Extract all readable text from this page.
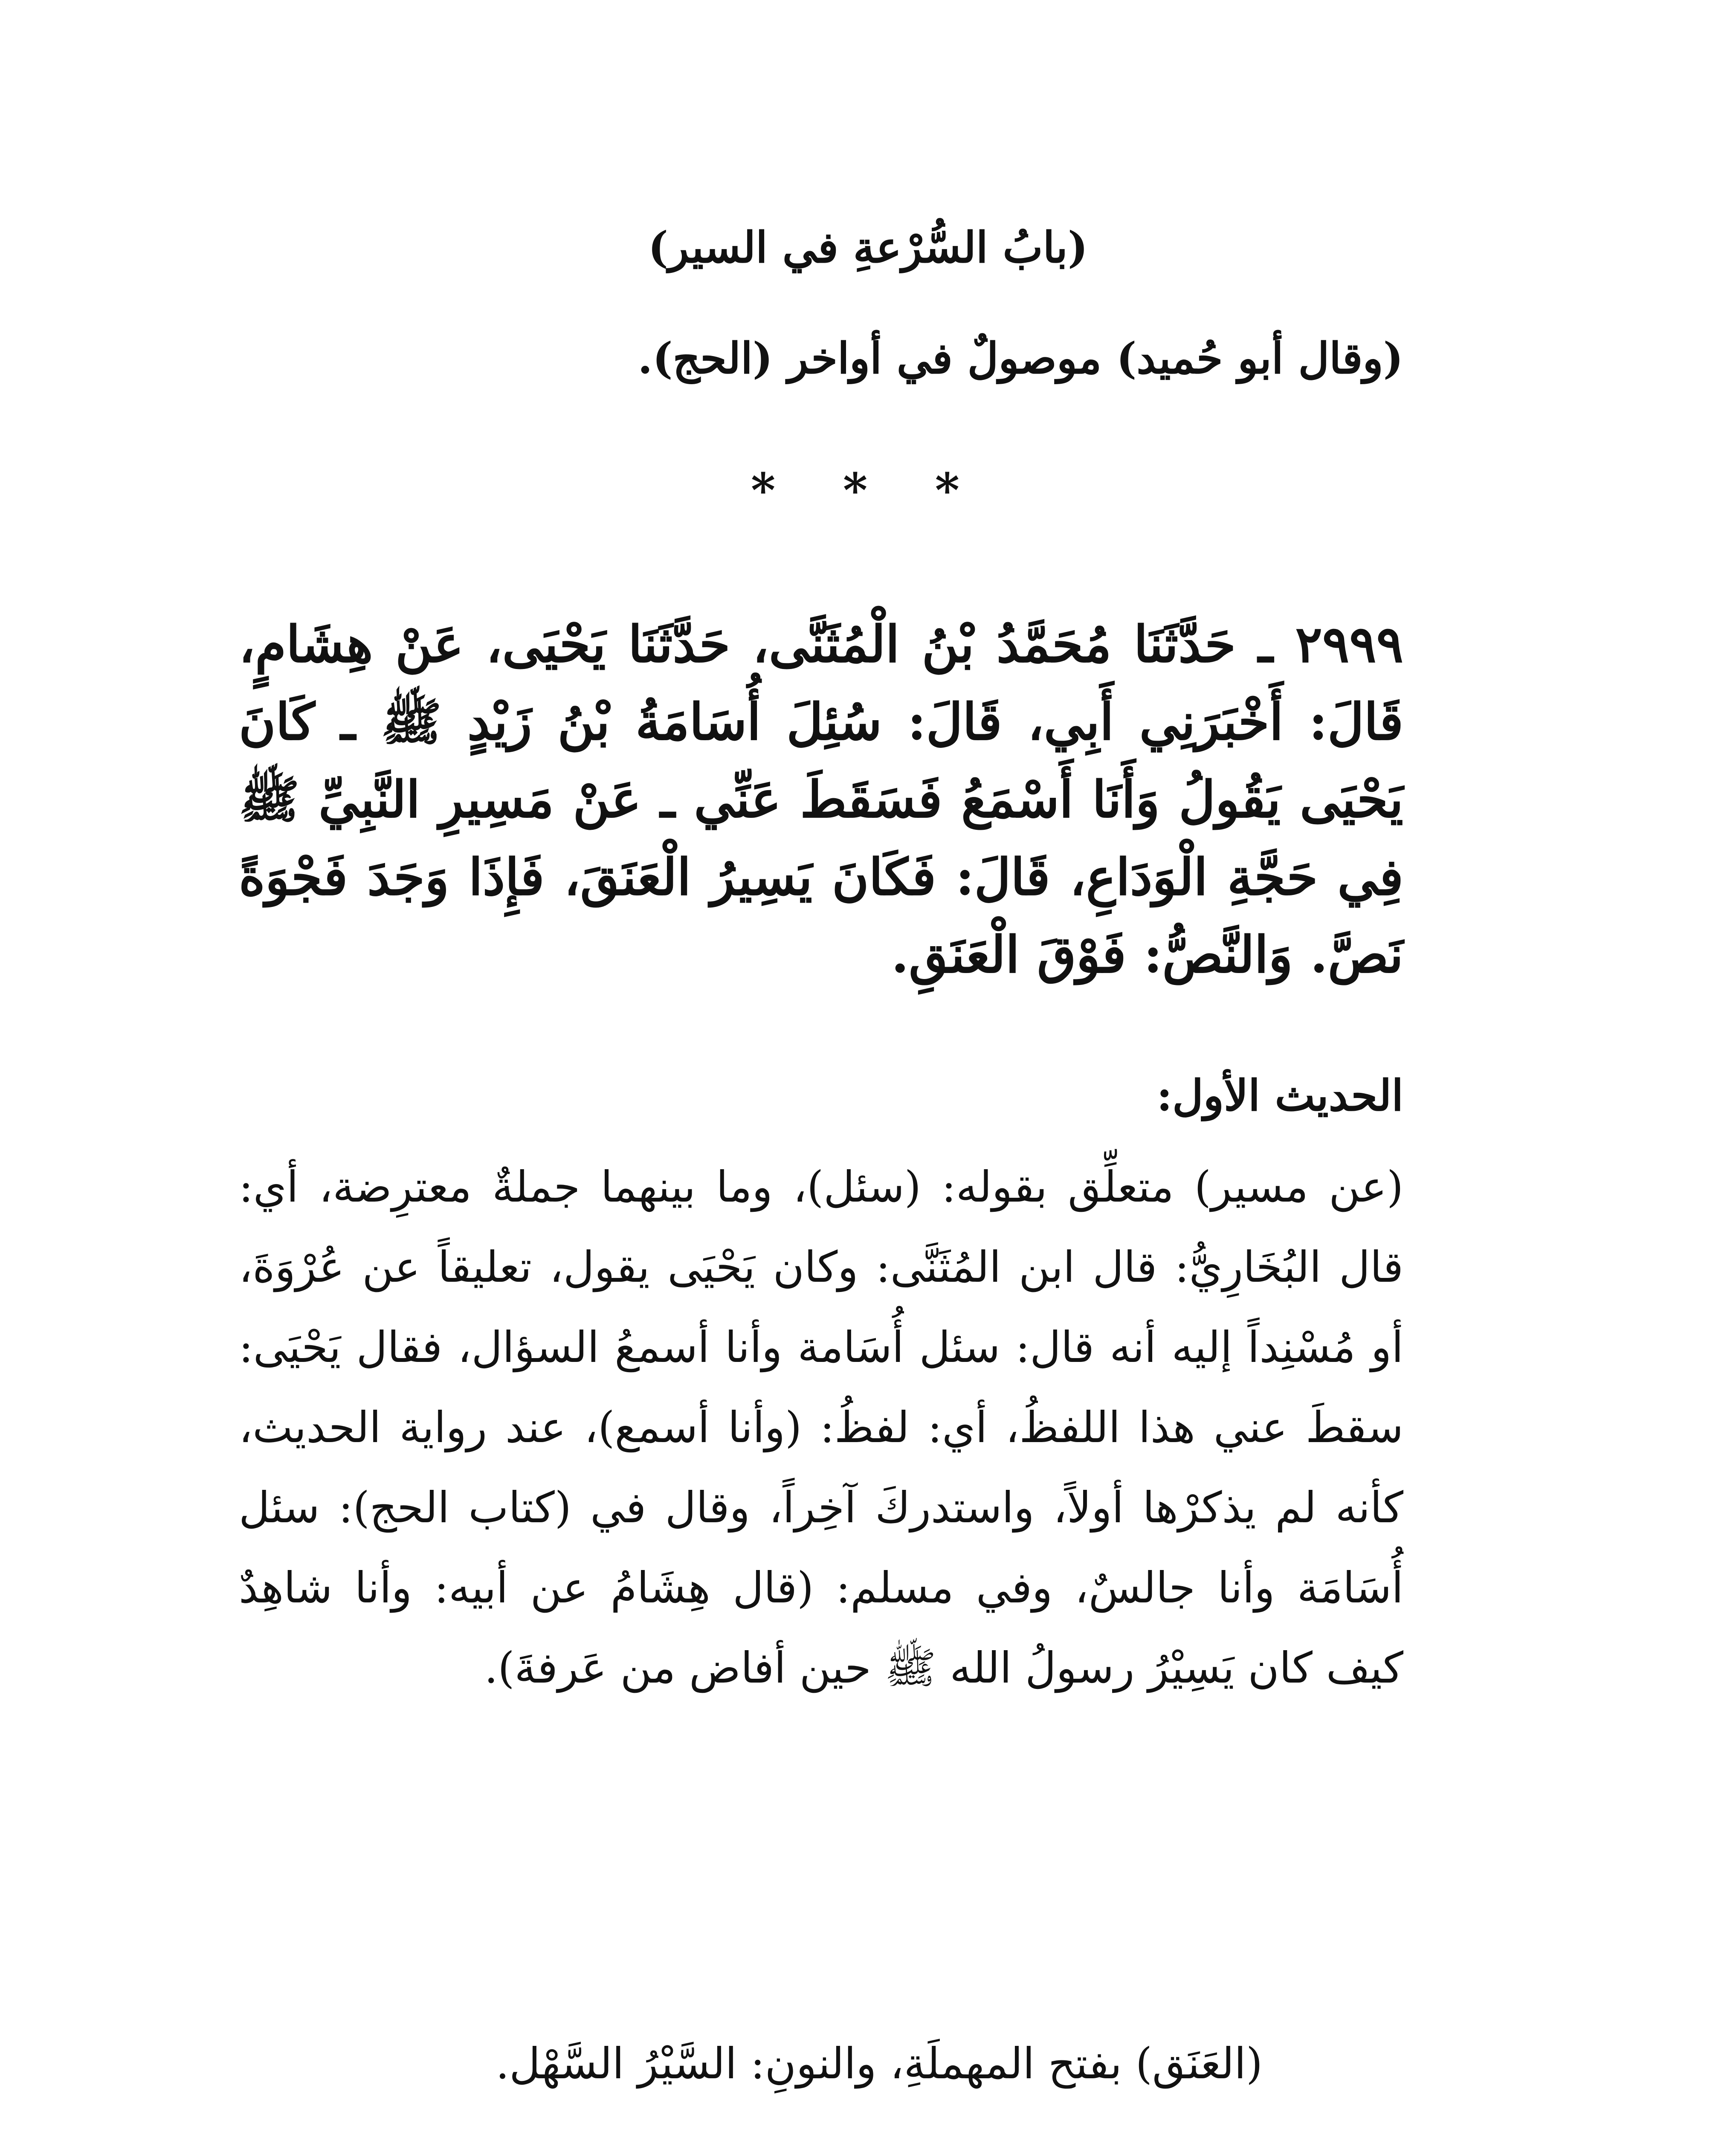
(بابُ السُّرْعةِ في السير)
(وقال أبو حُميد) موصولٌ في أواخر (الحج).
* * *
٢٩٩٩ ـ حَدَّثَنَا مُحَمَّدُ بْنُ الْمُثَنَّى، حَدَّثَنَا يَحْيَى، عَنْ هِشَامٍ، قَالَ: أَخْبَرَنِي أَبِي، قَالَ: سُئِلَ أُسَامَةُ بْنُ زَيْدٍ ﷺ ـ كَانَ يَحْيَى يَقُولُ وَأَنَا أَسْمَعُ فَسَقَطَ عَنِّي ـ عَنْ مَسِيرِ النَّبِيِّ ﷺ فِي حَجَّةِ الْوَدَاعِ، قَالَ: فَكَانَ يَسِيرُ الْعَنَقَ، فَإِذَا وَجَدَ فَجْوَةً نَصَّ. وَالنَّصُّ: فَوْقَ الْعَنَقِ.
الحديث الأول:
(عن مسير) متعلِّق بقوله: (سئل)، وما بينهما جملةٌ معترِضة، أي: قال البُخَارِيُّ: قال ابن المُثَنَّى: وكان يَحْيَى يقول، تعليقاً عن عُرْوَةَ، أو مُسْنِداً إليه أنه قال: سئل أُسَامة وأنا أسمعُ السؤال، فقال يَحْيَى: سقطَ عني هذا اللفظُ، أي: لفظُ: (وأنا أسمع)، عند رواية الحديث، كأنه لم يذكرْها أولاً، واستدركَ آخِراً، وقال في (كتاب الحج): سئل أُسَامَة وأنا جالسٌ، وفي مسلم: (قال هِشَامُ عن أبيه: وأنا شاهِدٌ كيف كان يَسِيْرُ رسولُ الله ﷺ حين أفاض من عَرفةَ).
(العَنَق) بفتح المهملَةِ، والنونِ: السَّيْرُ السَّهْل.
